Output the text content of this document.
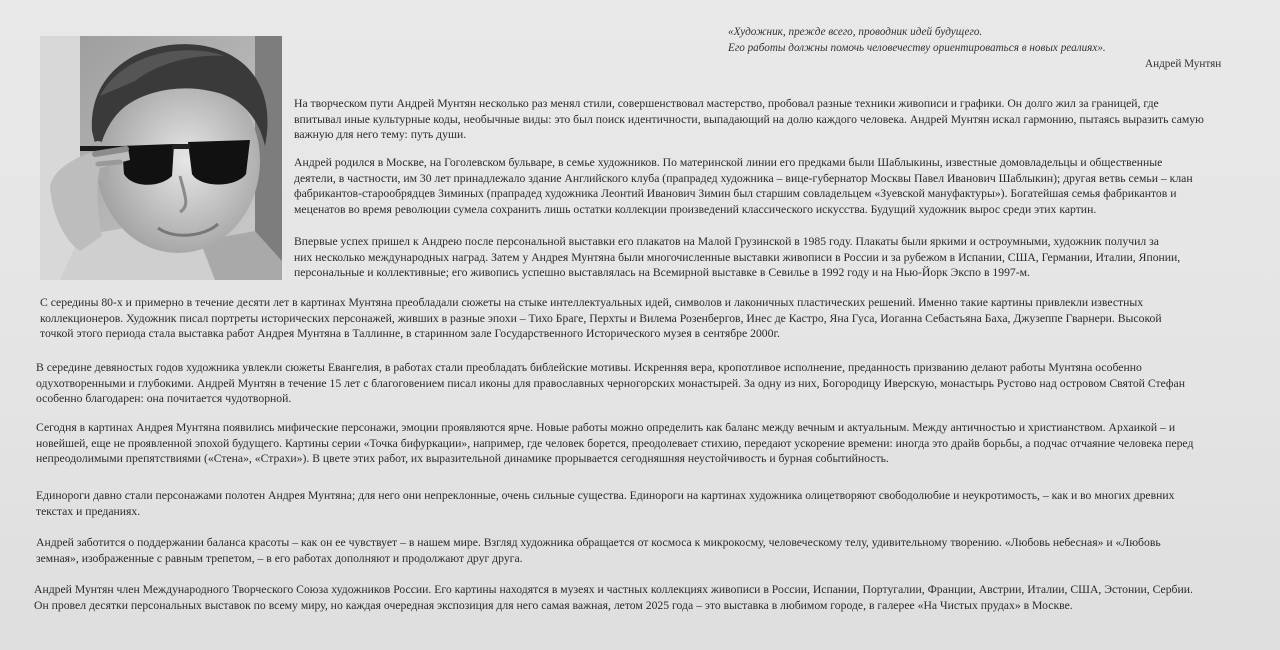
«Художник, прежде всего, проводник идей будущего.
Его работы должны помочь человечеству ориентироваться в новых реалиях».
Андрей Мунтян

На творческом пути Андрей Мунтян несколько раз менял стили, совершенствовал мастерство, пробовал разные техники живописи и графики. Он долго жил за границей, где
впитывал иные культурные коды, необычные виды: это был поиск идентичности, выпадающий на долю каждого человека. Андрей Мунтян искал гармонию, пытаясь выразить самую
важную для него тему: путь души.

Андрей родился в Москве, на Гоголевском бульваре, в семье художников. По материнской линии его предками были Шаблыкины, известные домовладельцы и общественные
деятели, в частности, им 30 лет принадлежало здание Английского клуба (прапрадед художника – вице-губернатор Москвы Павел Иванович Шаблыкин); другая ветвь семьи – клан
фабрикантов-старообрядцев Зиминых (прапрадед художника Леонтий Иванович Зимин был старшим совладельцем «Зуевской мануфактуры»). Богатейшая семья фабрикантов и
меценатов во время революции сумела сохранить лишь остатки коллекции произведений классического искусства. Будущий художник вырос среди этих картин.

Впервые успех пришел к Андрею после персональной выставки его плакатов на Малой Грузинской в 1985 году. Плакаты были яркими и остроумными, художник получил за
них несколько международных наград. Затем у Андрея Мунтяна были многочисленные выставки живописи в России и за рубежом в Испании, США, Германии, Италии, Японии,
персональные и коллективные; его живопись успешно выставлялась на Всемирной выставке в Севилье в 1992 году и на Нью-Йорк Экспо в 1997-м.

С середины 80-х и примерно в течение десяти лет в картинах Мунтяна преобладали сюжеты на стыке интеллектуальных идей, символов и лаконичных пластических решений. Именно такие картины привлекли известных
коллекционеров. Художник писал портреты исторических персонажей, живших в разные эпохи – Тихо Браге, Перхты и Вилема Розенбергов, Инес де Кастро, Яна Гуса, Иоганна Себастьяна Баха, Джузеппе Гварнери. Высокой
точкой этого периода стала выставка работ Андрея Мунтяна в Таллинне, в старинном зале Государственного Исторического музея в сентябре 2000г.

В середине девяностых годов художника увлекли сюжеты Евангелия, в работах стали преобладать библейские мотивы. Искренняя вера, кропотливое исполнение, преданность призванию делают работы Мунтяна особенно
одухотворенными и глубокими. Андрей Мунтян в течение 15 лет с благоговением писал иконы для православных черногорских монастырей. За одну из них, Богородицу Иверскую, монастырь Рустово над островом Святой Стефан
особенно благодарен: она почитается чудотворной.

Сегодня в картинах Андрея Мунтяна появились мифические персонажи, эмоции проявляются ярче. Новые работы можно определить как баланс между вечным и актуальным. Между античностью и христианством. Архаикой – и
новейшей, еще не проявленной эпохой будущего. Картины серии «Точка бифуркации», например, где человек борется, преодолевает стихию, передают ускорение времени: иногда это драйв борьбы, а подчас отчаяние человека перед
непреодолимыми препятствиями («Стена», «Страхи»). В цвете этих работ, их выразительной динамике прорывается сегодняшняя неустойчивость и бурная событийность.

Единороги давно стали персонажами полотен Андрея Мунтяна; для него они непреклонные, очень сильные существа. Единороги на картинах художника олицетворяют свободолюбие и неукротимость, – как и во многих древних
текстах и преданиях.

Андрей заботится о поддержании баланса красоты – как он ее чувствует – в нашем мире. Взгляд художника обращается от космоса к микрокосму, человеческому телу, удивительному творению. «Любовь небесная» и «Любовь
земная», изображенные с равным трепетом, – в его работах дополняют и продолжают друг друга.

Андрей Мунтян член Международного Творческого Союза художников России. Его картины находятся в музеях и частных коллекциях живописи в России, Испании, Португалии, Франции, Австрии, Италии, США, Эстонии, Сербии.
Он провел десятки персональных выставок по всему миру, но каждая очередная экспозиция для него самая важная, летом 2025 года – это выставка в любимом городе, в галерее «На Чистых прудах» в Москве.
